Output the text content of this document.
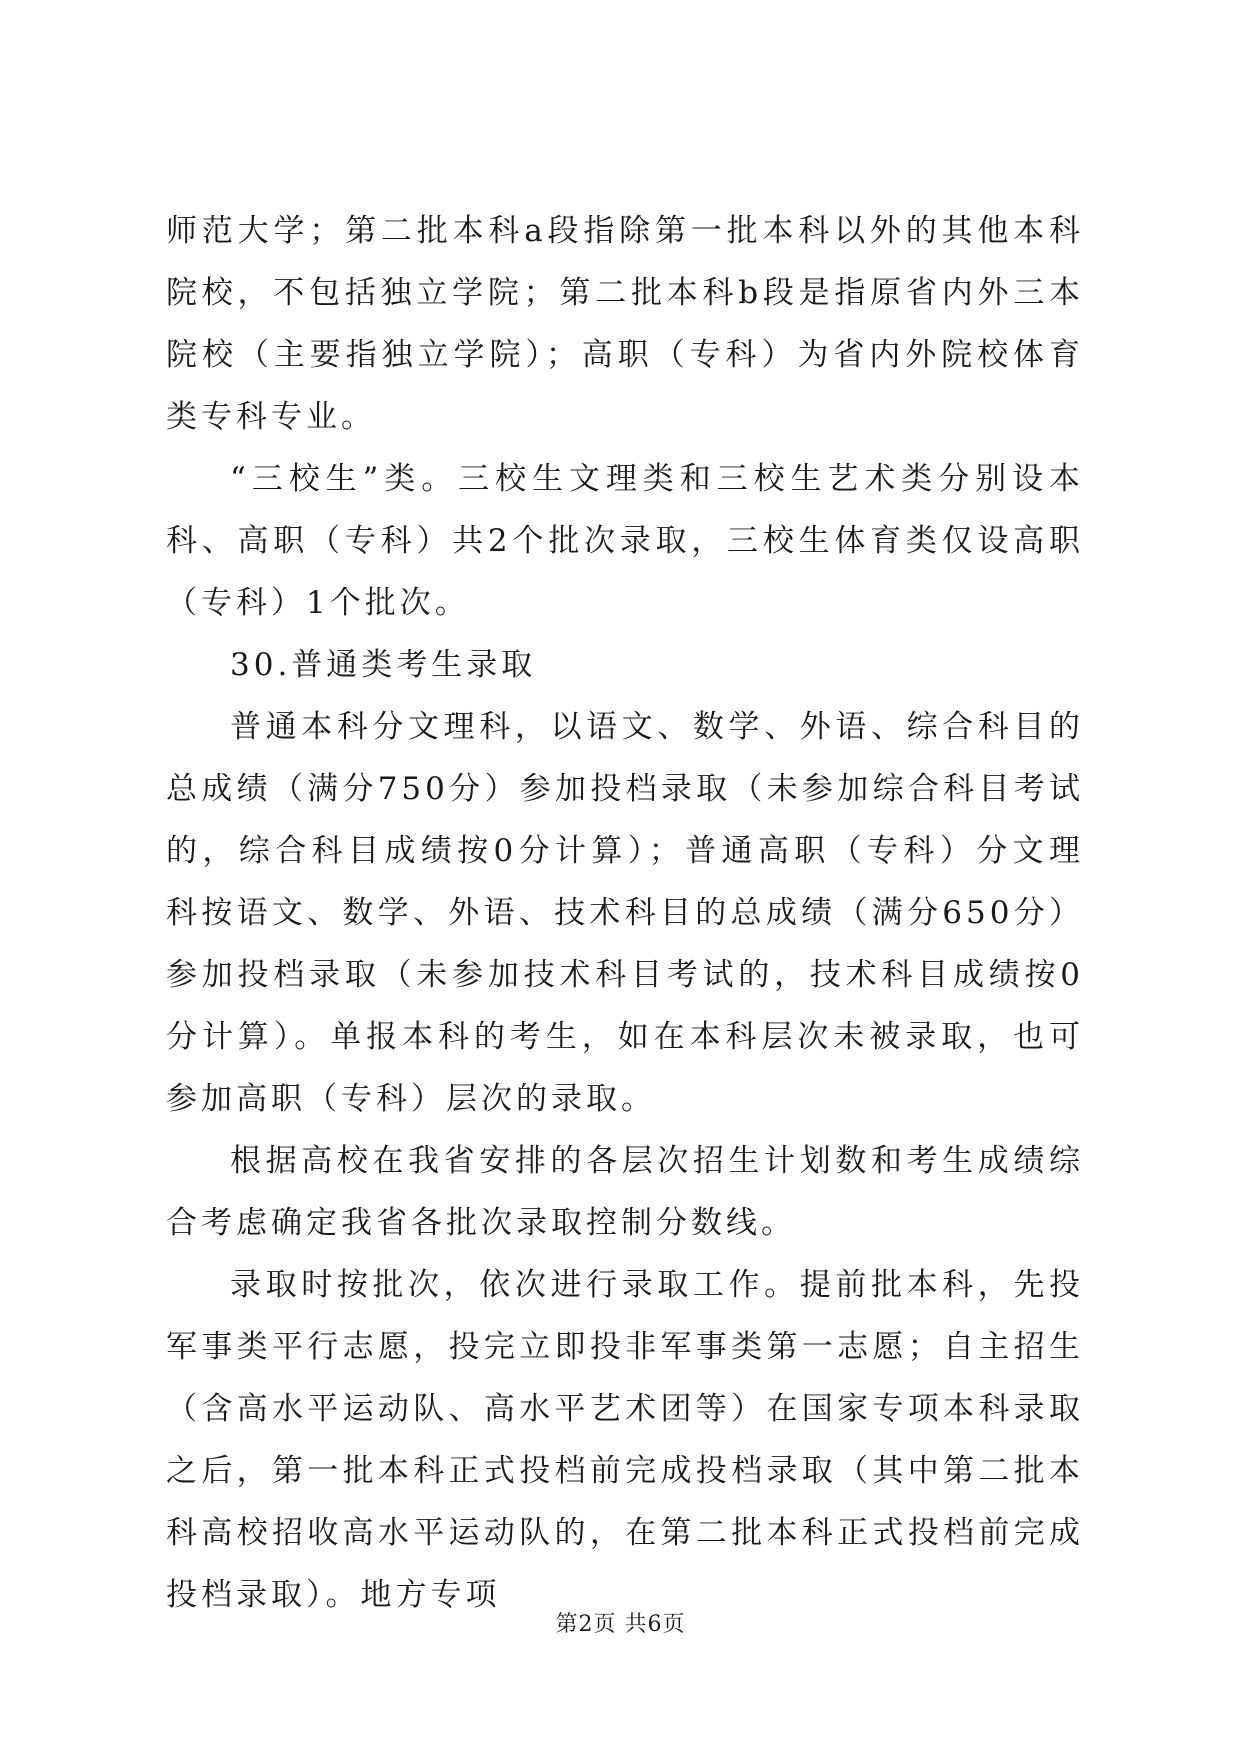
师范大学；第二批本科a段指除第一批本科以外的其他本科院校，不包括独立学院；第二批本科b段是指原省内外三本院校（主要指独立学院）；高职（专科）为省内外院校体育类专科专业。

“三校生”类。三校生文理类和三校生艺术类分别设本科、高职（专科）共2个批次录取，三校生体育类仅设高职（专科）1个批次。

30.普通类考生录取

普通本科分文理科，以语文、数学、外语、综合科目的总成绩（满分750分）参加投档录取（未参加综合科目考试的，综合科目成绩按0分计算）；普通高职（专科）分文理科按语文、数学、外语、技术科目的总成绩（满分650分）参加投档录取（未参加技术科目考试的，技术科目成绩按0分计算）。单报本科的考生，如在本科层次未被录取，也可参加高职（专科）层次的录取。

根据高校在我省安排的各层次招生计划数和考生成绩综合考虑确定我省各批次录取控制分数线。

录取时按批次，依次进行录取工作。提前批本科，先投军事类平行志愿，投完立即投非军事类第一志愿；自主招生（含高水平运动队、高水平艺术团等）在国家专项本科录取之后，第一批本科正式投档前完成投档录取（其中第二批本科高校招收高水平运动队的，在第二批本科正式投档前完成投档录取）。地方专项

第2页 共6页
